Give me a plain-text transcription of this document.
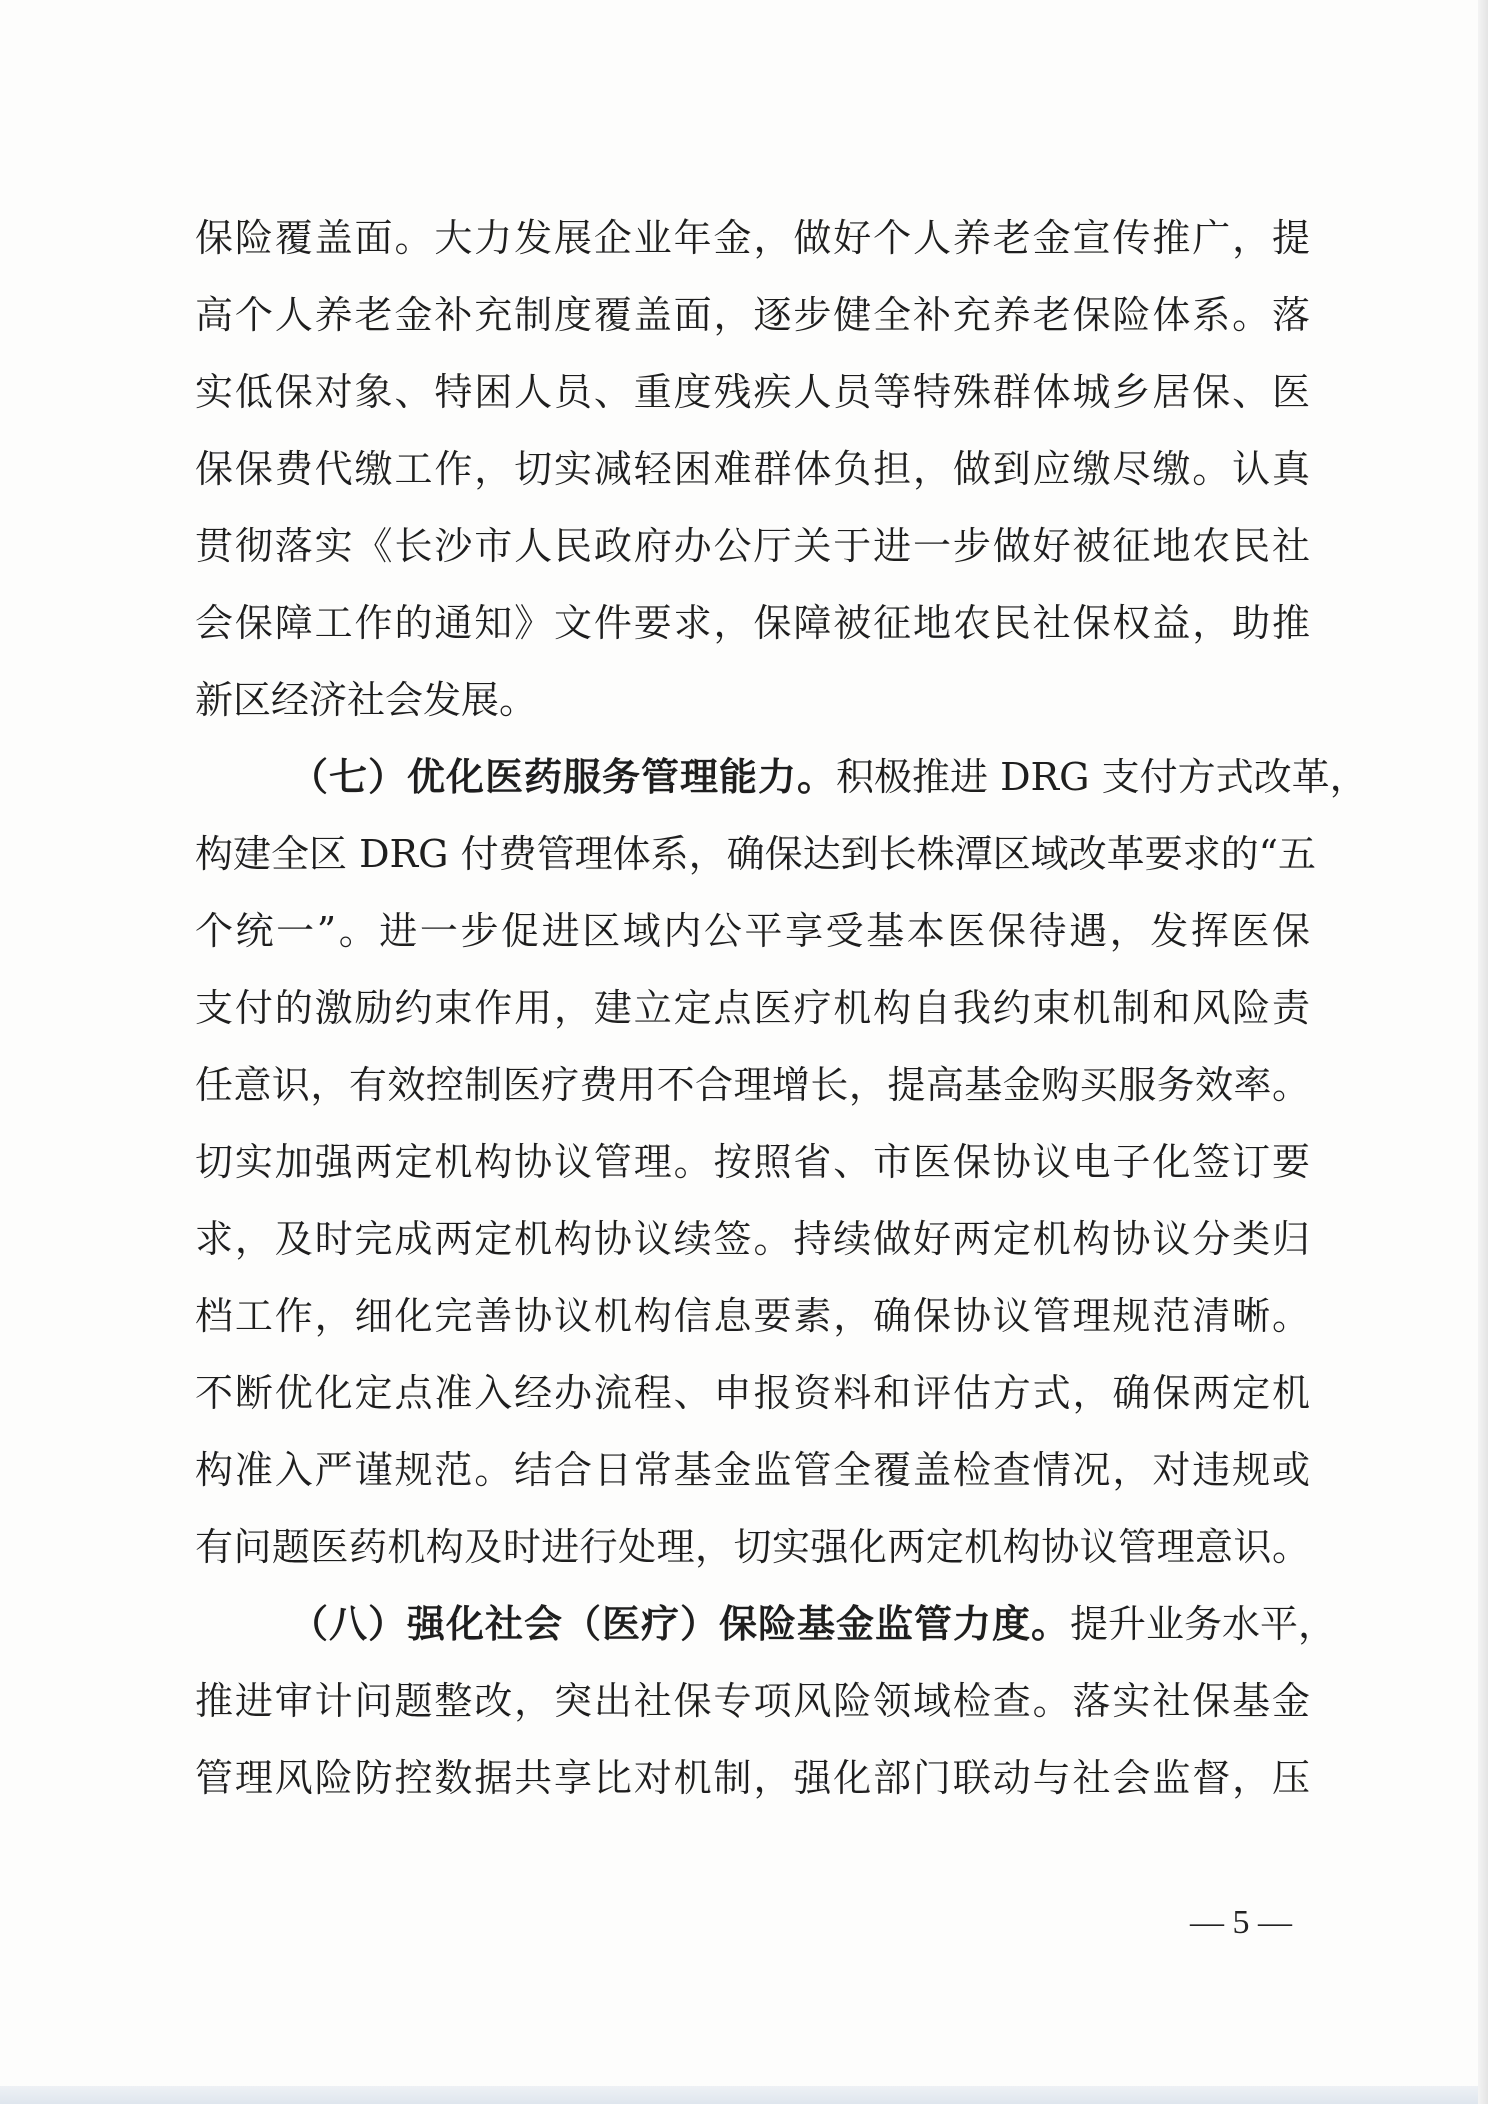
保险覆盖面。大力发展企业年金，做好个人养老金宣传推广，提
高个人养老金补充制度覆盖面，逐步健全补充养老保险体系。落
实低保对象、特困人员、重度残疾人员等特殊群体城乡居保、医
保保费代缴工作，切实减轻困难群体负担，做到应缴尽缴。认真
贯彻落实《长沙市人民政府办公厅关于进一步做好被征地农民社
会保障工作的通知》文件要求，保障被征地农民社保权益，助推
新区经济社会发展。
（七）优化医药服务管理能力。积极推进 DRG 支付方式改革，
构建全区 DRG 付费管理体系，确保达到长株潭区域改革要求的“五
个统一”。进一步促进区域内公平享受基本医保待遇，发挥医保
支付的激励约束作用，建立定点医疗机构自我约束机制和风险责
任意识，有效控制医疗费用不合理增长，提高基金购买服务效率。
切实加强两定机构协议管理。按照省、市医保协议电子化签订要
求，及时完成两定机构协议续签。持续做好两定机构协议分类归
档工作，细化完善协议机构信息要素，确保协议管理规范清晰。
不断优化定点准入经办流程、申报资料和评估方式，确保两定机
构准入严谨规范。结合日常基金监管全覆盖检查情况，对违规或
有问题医药机构及时进行处理，切实强化两定机构协议管理意识。
（八）强化社会（医疗）保险基金监管力度。提升业务水平，
推进审计问题整改，突出社保专项风险领域检查。落实社保基金
管理风险防控数据共享比对机制，强化部门联动与社会监督，压
— 5 —
